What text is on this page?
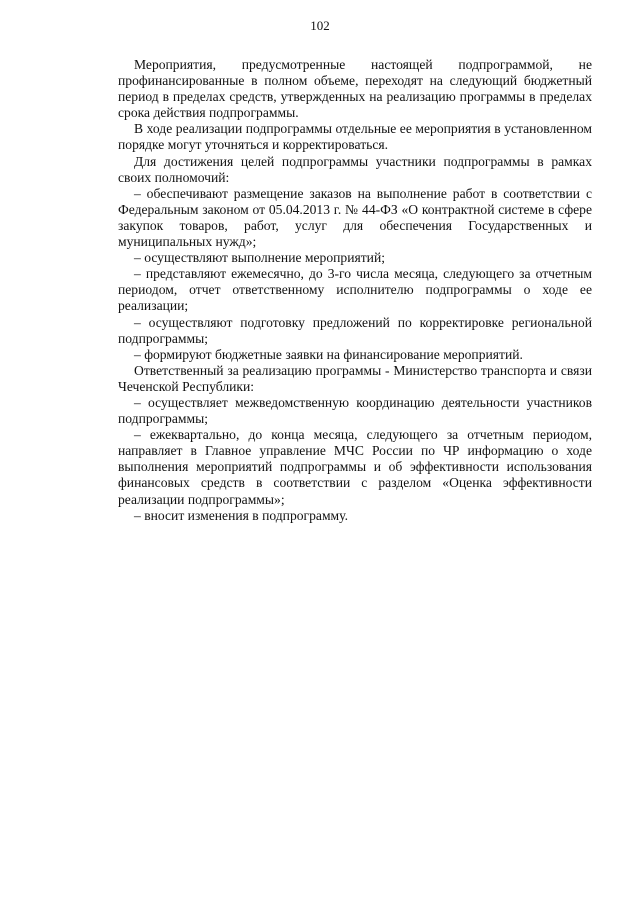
102

Мероприятия, предусмотренные настоящей подпрограммой, не профинансированные в полном объеме, переходят на следующий бюджетный период в пределах средств, утвержденных на реализацию программы в пределах срока действия подпрограммы.

В ходе реализации подпрограммы отдельные ее мероприятия в установленном порядке могут уточняться и корректироваться.

Для достижения целей подпрограммы участники подпрограммы в рамках своих полномочий:

– обеспечивают размещение заказов на выполнение работ в соответствии с Федеральным законом от 05.04.2013 г. № 44-ФЗ «О контрактной системе в сфере закупок товаров, работ, услуг для обеспечения Государственных и муниципальных нужд»;

– осуществляют выполнение мероприятий;

– представляют ежемесячно, до 3-го числа месяца, следующего за отчетным периодом, отчет ответственному исполнителю подпрограммы о ходе ее реализации;

– осуществляют подготовку предложений по корректировке региональной подпрограммы;

– формируют бюджетные заявки на финансирование мероприятий.

Ответственный за реализацию программы - Министерство транспорта и связи Чеченской Республики:

– осуществляет межведомственную координацию деятельности участников подпрограммы;

– ежеквартально, до конца месяца, следующего за отчетным периодом, направляет в Главное управление МЧС России по ЧР информацию о ходе выполнения мероприятий подпрограммы и об эффективности использования финансовых средств в соответствии с разделом «Оценка эффективности реализации подпрограммы»;

– вносит изменения в подпрограмму.
